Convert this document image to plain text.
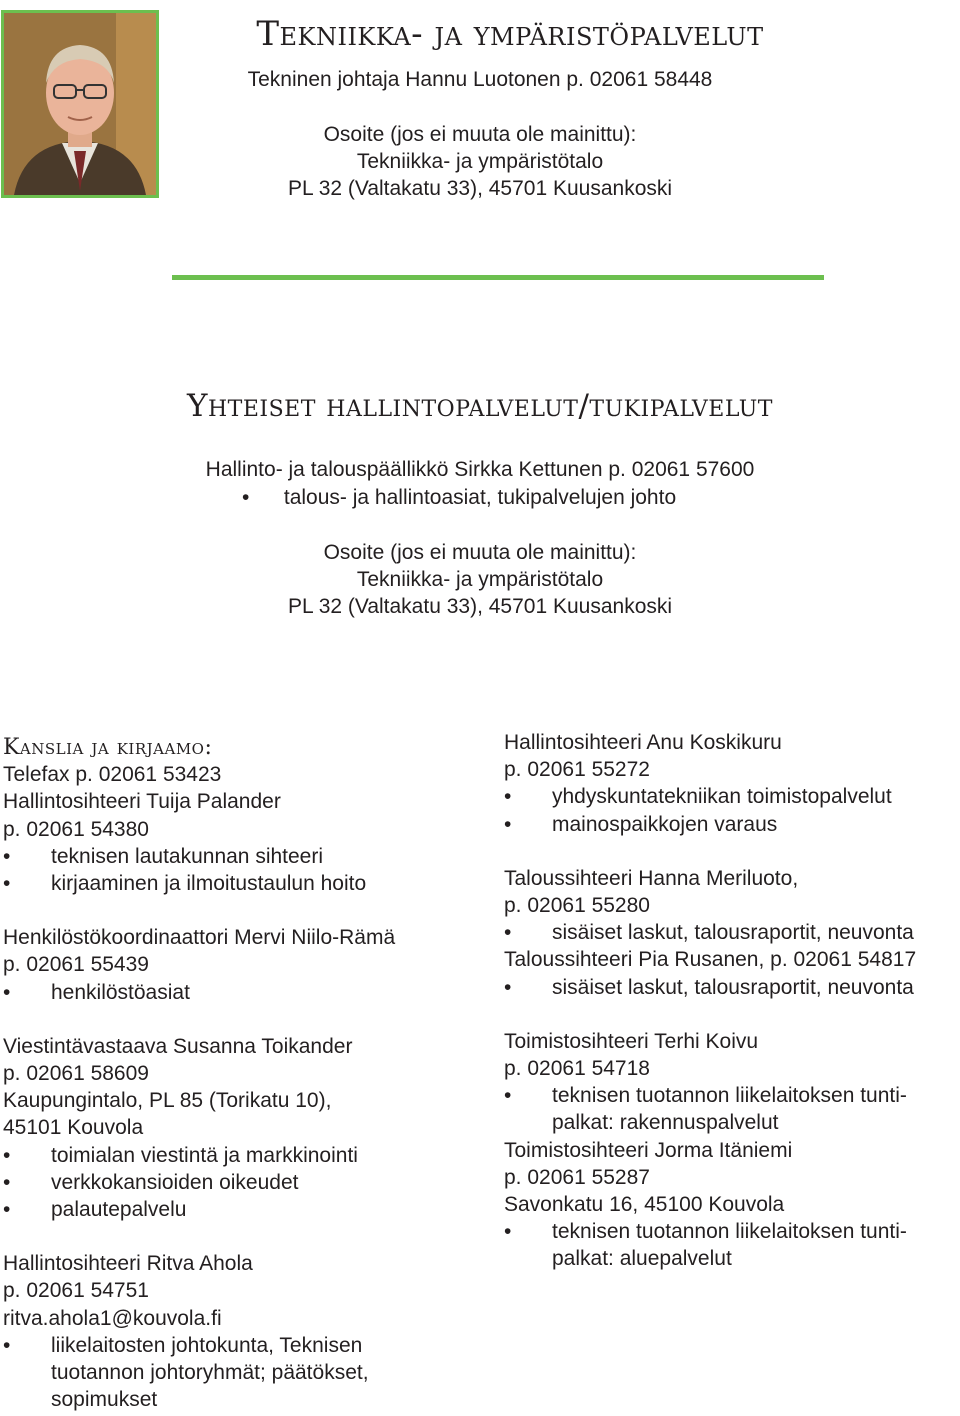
Tekniikka- ja ympäristöpalvelut
Tekninen johtaja Hannu Luotonen p. 02061 58448
Osoite (jos ei muuta ole mainittu):
Tekniikka- ja ympäristötalo
PL 32 (Valtakatu 33), 45701 Kuusankoski
Yhteiset hallintopalvelut/tukipalvelut
Hallinto- ja talouspäällikkö Sirkka Kettunen p. 02061 57600
• talous- ja hallintoasiat, tukipalvelujen johto
Osoite (jos ei muuta ole mainittu):
Tekniikka- ja ympäristötalo
PL 32 (Valtakatu 33), 45701 Kuusankoski

Kanslia ja kirjaamo:

Telefax p. 02061 53423

Hallintosihteeri Tuija Palander

p. 02061 54380

• teknisen lautakunnan sihteeri

• kirjaaminen ja ilmoitustaulun hoito

Henkilöstökoordinaattori Mervi Niilo-Rämä

p. 02061 55439

• henkilöstöasiat

Viestintävastaava Susanna Toikander

p. 02061 58609

Kaupungintalo, PL 85 (Torikatu 10),

45101 Kouvola

• toimialan viestintä ja markkinointi

• verkkokansioiden oikeudet

• palautepalvelu

Hallintosihteeri Ritva Ahola

p. 02061 54751

ritva.ahola1@kouvola.fi

• liikelaitosten johtokunta, Teknisen
tuotannon johtoryhmät; päätökset,
sopimukset

Hallintosihteeri Anu Koskikuru

p. 02061 55272

• yhdyskuntatekniikan toimistopalvelut

• mainospaikkojen varaus

Taloussihteeri Hanna Meriluoto,

p. 02061 55280

• sisäiset laskut, talousraportit, neuvonta

Taloussihteeri Pia Rusanen, p. 02061 54817

• sisäiset laskut, talousraportit, neuvonta

Toimistosihteeri Terhi Koivu

p. 02061 54718

• teknisen tuotannon liikelaitoksen tunti-
palkat: rakennuspalvelut

Toimistosihteeri Jorma Itäniemi

p. 02061 55287

Savonkatu 16, 45100 Kouvola

• teknisen tuotannon liikelaitoksen tunti-
palkat: aluepalvelut
